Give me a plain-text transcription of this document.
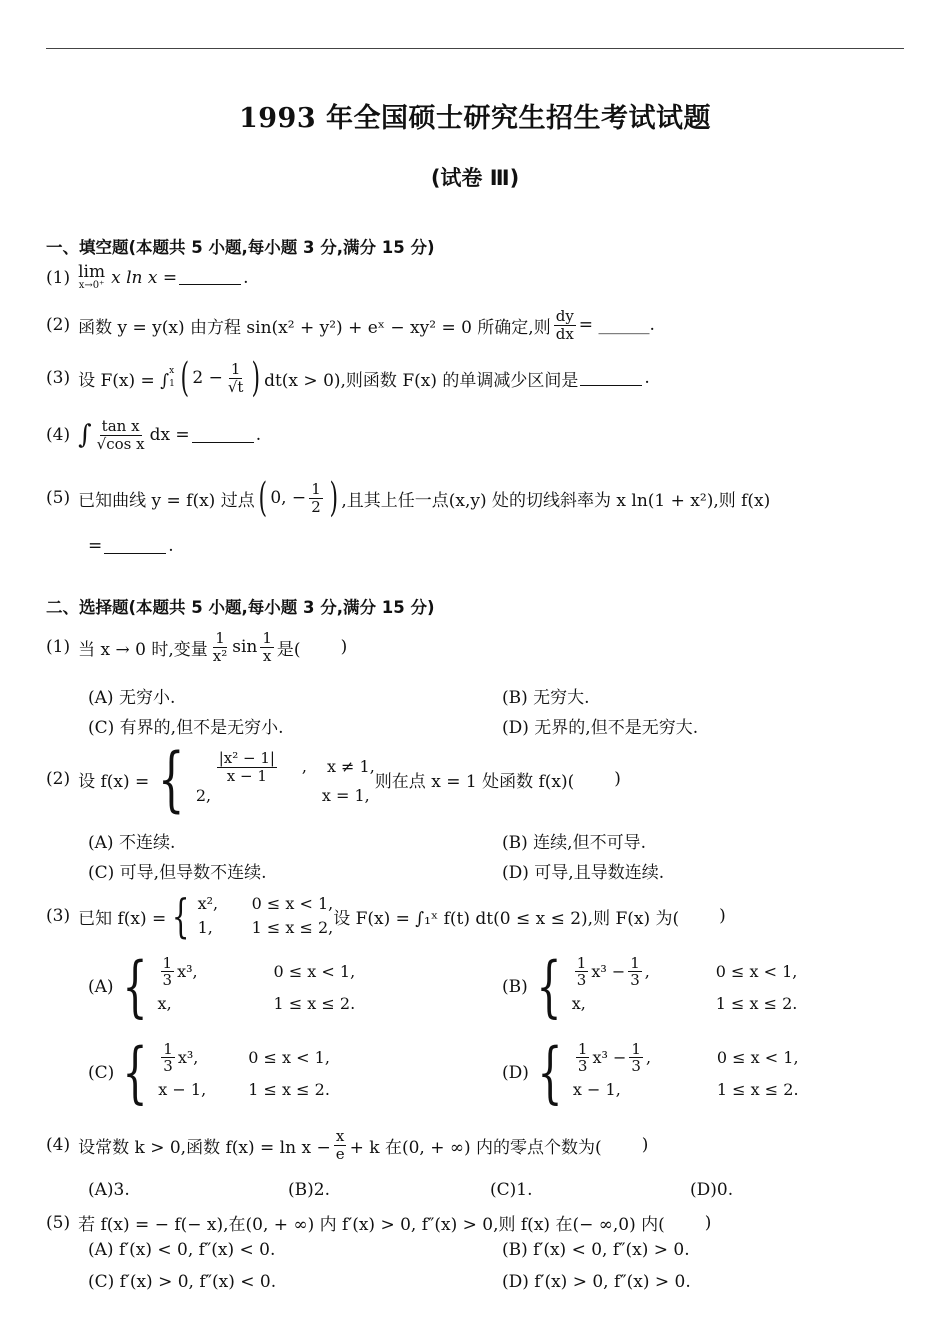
1993 年全国硕士研究生招生考试试题
(试卷 Ⅲ)
一、填空题(本题共 5 小题,每小题 3 分,满分 15 分)
(1) lim
x→0⁺ x ln x =	.
(2) 函数 y = y(x) 由方程 sin(x² + y²) + eˣ − xy² = 0 所确定,则 $\frac{dy}{dx}$ = ______.
(3) 设 F(x) = ∫ x
1 ( $2 - \frac{1}{√t}$ ) dt(x > 0),则函数 F(x) 的单调减少区间是	.
(4) ∫ $\frac{\text{tan x}}{\text{√cos x}}$ dx =	.
(5) 已知曲线 y = f(x) 过点 ( 0, − $\frac{1}{2}$ ) ,且其上任一点(x,y) 处的切线斜率为 x ln(1 + x²),则 f(x)
=	.
二、选择题(本题共 5 小题,每小题 3 分,满分 15 分)
(1) 当 x → 0 时,变量 $\frac{1}{\text{x²}}$ $\sin \frac{1}{x}$ 是( )
(A) 无穷小.	(B) 无穷大.
(C) 有界的,但不是无穷小.	(D) 无界的,但不是无穷大.
(2) 设 f(x) = { $\frac{\text{|x² − 1|}}{x - 1}$ , x ≠ 1,
2,	x = 1,
则在点 x = 1 处函数 f(x)( )
(A) 不连续.	(B) 连续,但不可导.
(C) 可导,但导数不连续.	(D) 可导,且导数连续.
(3) 已知 f(x) = { x²,	0 ≤ x < 1,
1,	1 ≤ x ≤ 2, 设 F(x) = ∫₁ˣ f(t) dt(0 ≤ x ≤ 2),则 F(x) 为( )
(A) { $\frac{1}{3} x^3$,	0 ≤ x < 1,
x,	1 ≤ x ≤ 2.
(B) { $\frac{1}{3} x^3 - \frac{1}{3}$ ,	0 ≤ x < 1,
x,	1 ≤ x ≤ 2.
(C) { $\frac{1}{3} x^3$,	0 ≤ x < 1,
x − 1,	1 ≤ x ≤ 2.
(D) { $\frac{1}{3} x^3 - \frac{1}{3}$ ,	0 ≤ x < 1,
x − 1,	1 ≤ x ≤ 2.
(4) 设常数 k > 0,函数 $f(x) = \ln x - \frac{x}{e} + k$ 在(0, + ∞) 内的零点个数为( )
(A)3.	(B)2.	(C)1.	(D)0.
(5) 若 f(x) = − f(− x),在(0, + ∞) 内 f′(x) > 0, f″(x) > 0,则 f(x) 在(− ∞,0) 内( )
(A) f′(x) < 0, f″(x) < 0.	(B) f′(x) < 0, f″(x) > 0.
(C) f′(x) > 0, f″(x) < 0.	(D) f′(x) > 0, f″(x) > 0.
